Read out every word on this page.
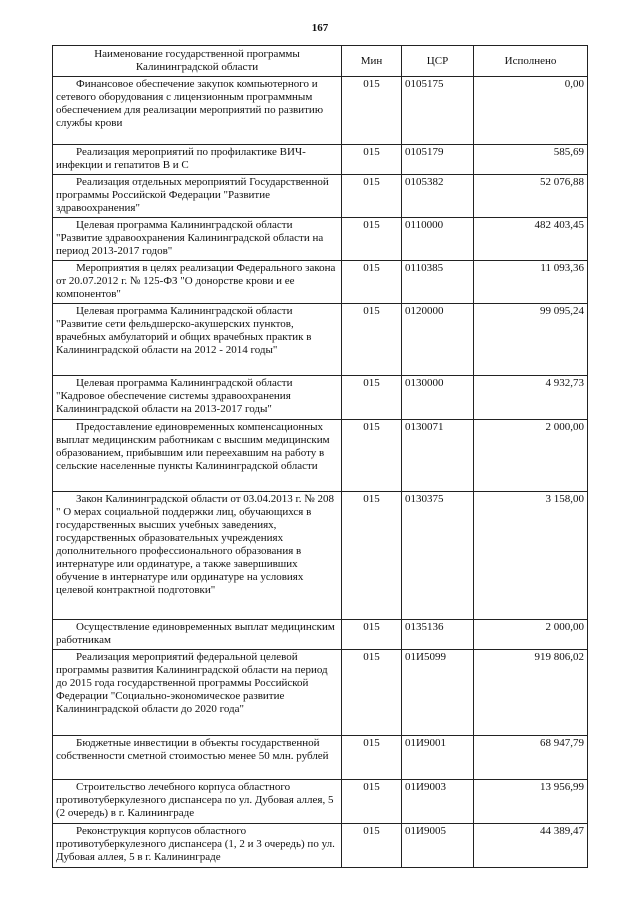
167
Наименование государственной программы Калининградской области	Мин	ЦСР	Исполнено
Финансовое обеспечение закупок компьютерного и сетевого оборудования с лицензионным программным обеспечением для реализации мероприятий по развитию службы крови	015	0105175	0,00
Реализация мероприятий по профилактике ВИЧ-инфекции и гепатитов В и С	015	0105179	585,69
Реализация отдельных мероприятий Государственной программы Российской Федерации "Развитие здравоохранения"	015	0105382	52 076,88
Целевая программа Калининградской области "Развитие здравоохранения Калининградской области на период 2013-2017 годов"	015	0110000	482 403,45
Мероприятия в целях реализации Федерального закона от 20.07.2012 г. № 125-ФЗ "О донорстве крови и ее компонентов"	015	0110385	11 093,36
Целевая программа Калининградской области "Развитие сети фельдшерско-акушерских пунктов, врачебных амбулаторий и общих врачебных практик в Калининградской области на 2012 - 2014 годы"	015	0120000	99 095,24
Целевая программа Калининградской области "Кадровое обеспечение системы здравоохранения Калининградской области на 2013-2017 годы"	015	0130000	4 932,73
Предоставление единовременных компенсационных выплат медицинским работникам с высшим медицинским образованием, прибывшим или переехавшим на работу в сельские населенные пункты Калининградской области	015	0130071	2 000,00
Закон Калининградской области от 03.04.2013 г. № 208 " О мерах социальной поддержки лиц, обучающихся в государственных высших учебных заведениях, государственных образовательных учреждениях дополнительного профессионального образования в интернатуре или ординатуре, а также завершивших обучение в интернатуре или ординатуре на условиях целевой контрактной подготовки"	015	0130375	3 158,00
Осуществление единовременных выплат медицинским работникам	015	0135136	2 000,00
Реализация мероприятий федеральной целевой программы развития Калининградской области на период до 2015 года государственной программы Российской Федерации "Социально-экономическое развитие Калининградской области до 2020 года"	015	01И5099	919 806,02
Бюджетные инвестиции в объекты государственной собственности сметной стоимостью менее 50 млн. рублей	015	01И9001	68 947,79
Строительство лечебного корпуса областного противотуберкулезного диспансера по ул. Дубовая аллея, 5 (2 очередь) в г. Калининграде	015	01И9003	13 956,99
Реконструкция корпусов областного противотуберкулезного диспансера (1, 2 и 3 очередь) по ул. Дубовая аллея, 5 в г. Калининграде	015	01И9005	44 389,47
